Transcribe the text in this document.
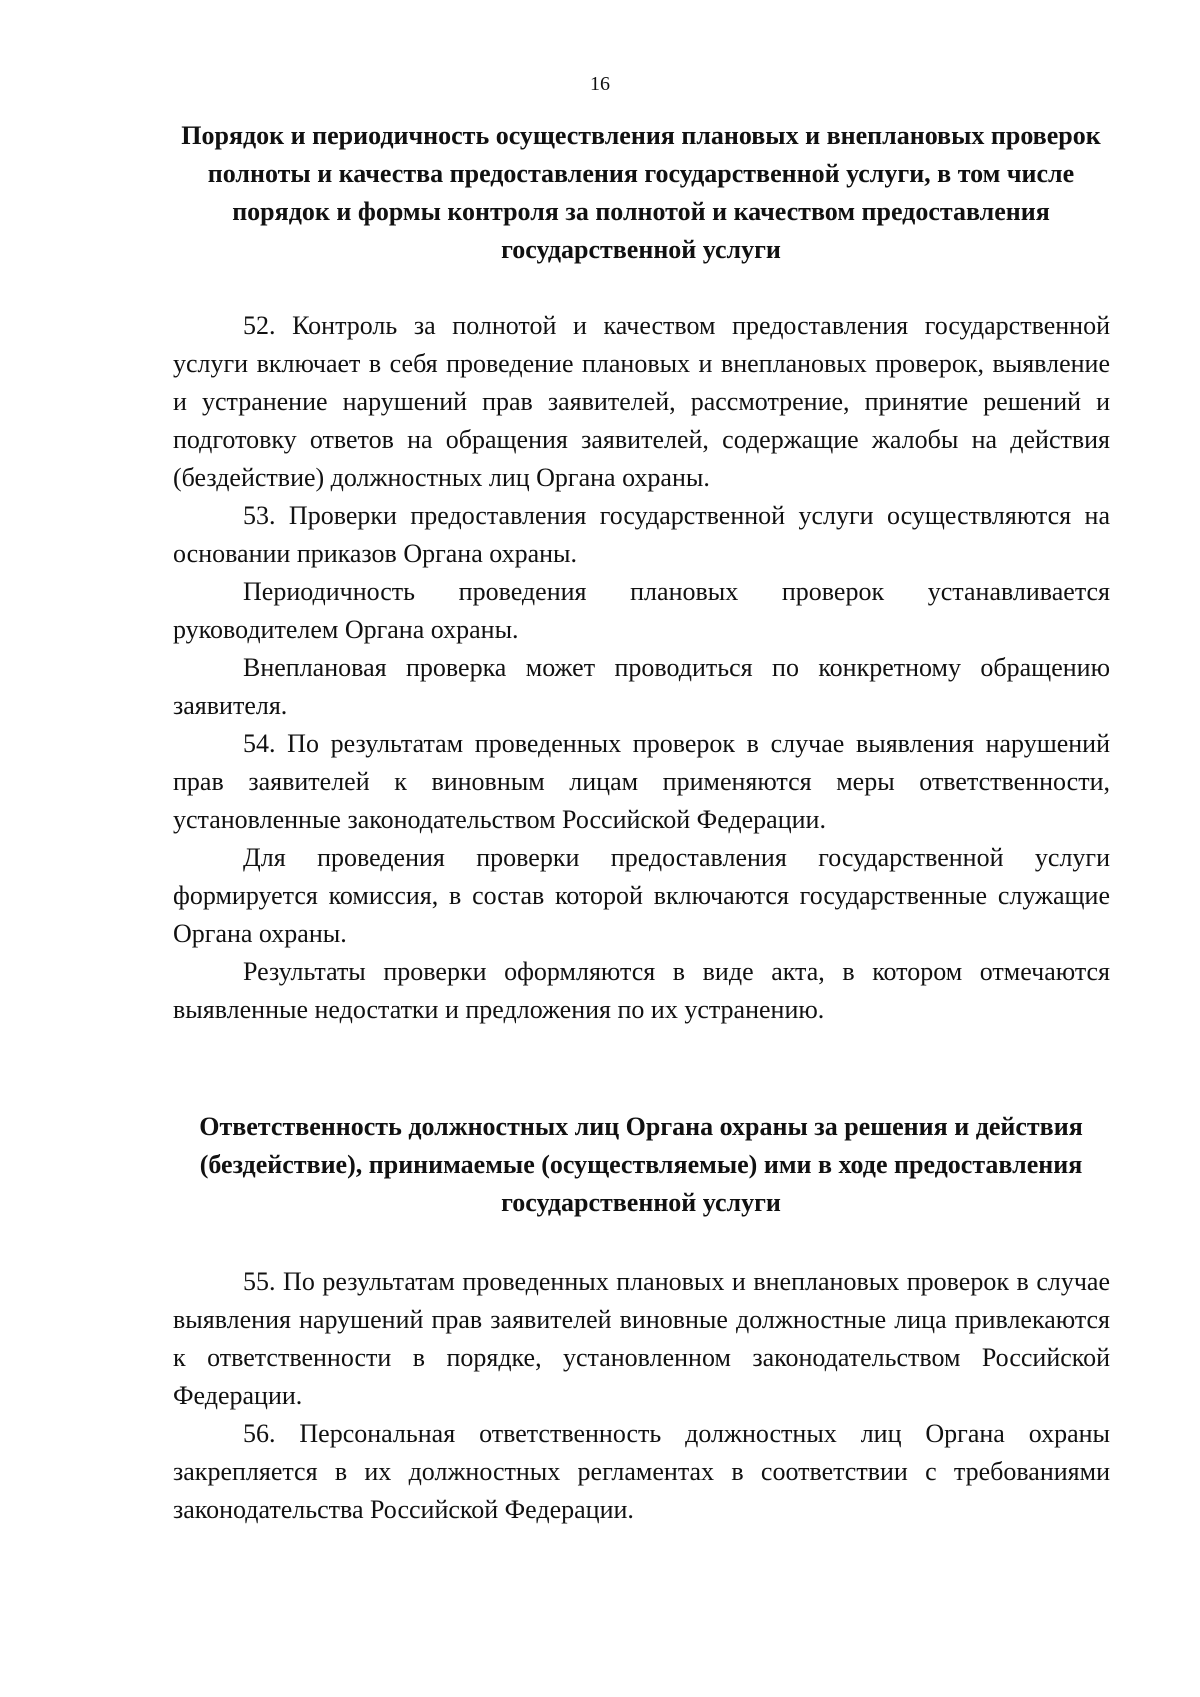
16
Порядок и периодичность осуществления плановых и внеплановых проверок полноты и качества предоставления государственной услуги, в том числе порядок и формы контроля за полнотой и качеством предоставления государственной услуги

52. Контроль за полнотой и качеством предоставления государственной услуги включает в себя проведение плановых и внеплановых проверок, выявление и устранение нарушений прав заявителей, рассмотрение, принятие решений и подготовку ответов на обращения заявителей, содержащие жалобы на действия (бездействие) должностных лиц Органа охраны.

53. Проверки предоставления государственной услуги осуществляются на основании приказов Органа охраны.

Периодичность проведения плановых проверок устанавливается руководителем Органа охраны.

Внеплановая проверка может проводиться по конкретному обращению заявителя.

54. По результатам проведенных проверок в случае выявления нарушений прав заявителей к виновным лицам применяются меры ответственности, установленные законодательством Российской Федерации.

Для проведения проверки предоставления государственной услуги формируется комиссия, в состав которой включаются государственные служащие Органа охраны.

Результаты проверки оформляются в виде акта, в котором отмечаются выявленные недостатки и предложения по их устранению.

Ответственность должностных лиц Органа охраны за решения и действия (бездействие), принимаемые (осуществляемые) ими в ходе предоставления государственной услуги

55. По результатам проведенных плановых и внеплановых проверок в случае выявления нарушений прав заявителей виновные должностные лица привлекаются к ответственности в порядке, установленном законодательством Российской Федерации.

56. Персональная ответственность должностных лиц Органа охраны закрепляется в их должностных регламентах в соответствии с требованиями законодательства Российской Федерации.
